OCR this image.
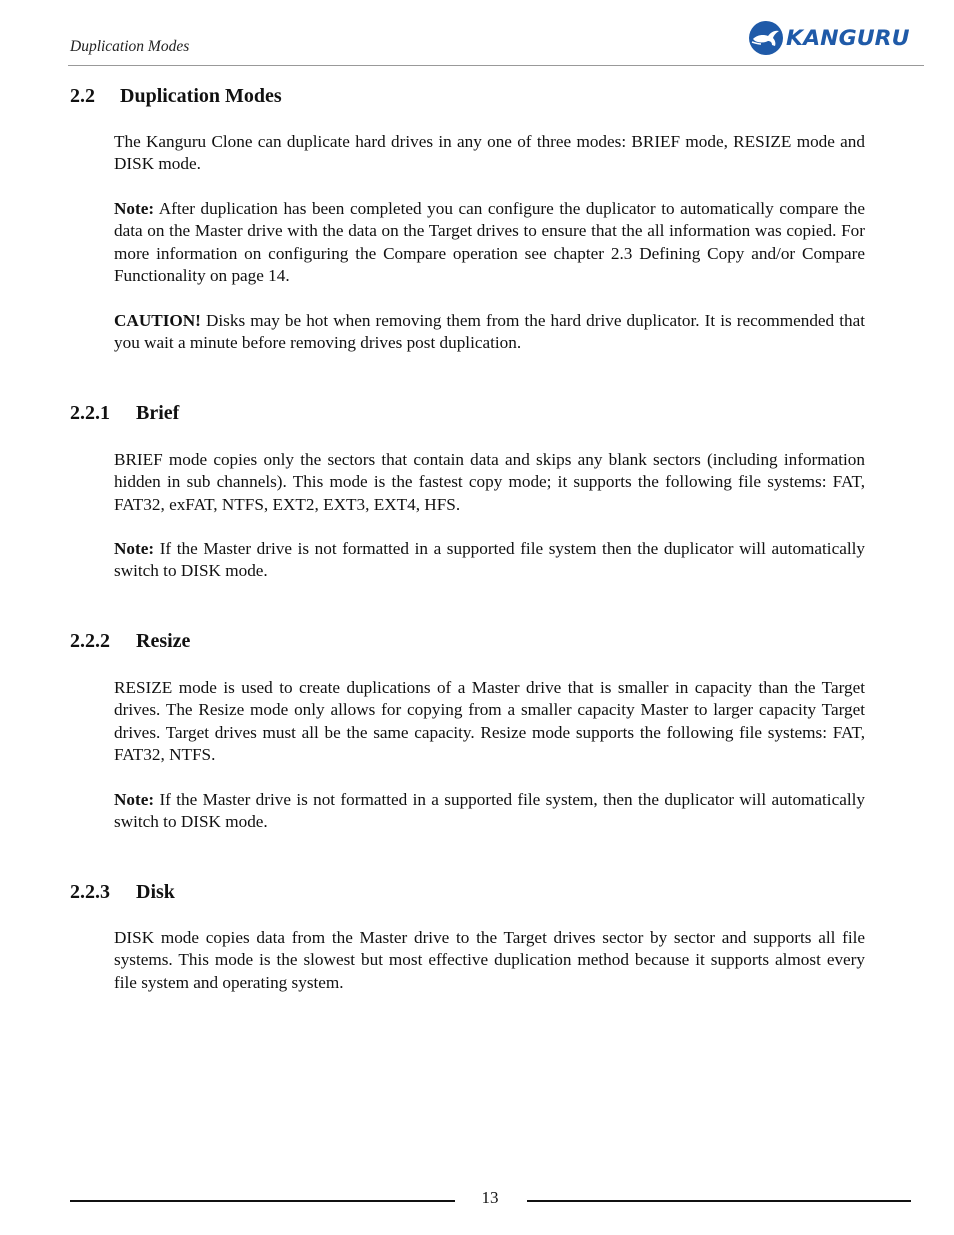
Duplication Modes	KANGURU
2.2 Duplication Modes

The Kanguru Clone can duplicate hard drives in any one of three modes: BRIEF mode, RESIZE mode and DISK mode.

Note: After duplication has been completed you can configure the duplicator to automatically compare the data on the Master drive with the data on the Target drives to ensure that the all information was copied. For more information on configuring the Compare operation see chapter 2.3 Defining Copy and/or Compare Functionality on page 14.

CAUTION! Disks may be hot when removing them from the hard drive duplicator. It is recommended that you wait a minute before removing drives post duplication.

2.2.1 Brief

BRIEF mode copies only the sectors that contain data and skips any blank sectors (including information hidden in sub channels). This mode is the fastest copy mode; it supports the following file systems: FAT, FAT32, exFAT, NTFS, EXT2, EXT3, EXT4, HFS.

Note: If the Master drive is not formatted in a supported file system then the duplicator will automatically switch to DISK mode.

2.2.2 Resize

RESIZE mode is used to create duplications of a Master drive that is smaller in capacity than the Target drives. The Resize mode only allows for copying from a smaller capacity Master to larger capacity Target drives. Target drives must all be the same capacity. Resize mode supports the following file systems: FAT, FAT32, NTFS.

Note: If the Master drive is not formatted in a supported file system, then the duplicator will automatically switch to DISK mode.

2.2.3 Disk

DISK mode copies data from the Master drive to the Target drives sector by sector and supports all file systems. This mode is the slowest but most effective duplication method because it supports almost every file system and operating system.

13
